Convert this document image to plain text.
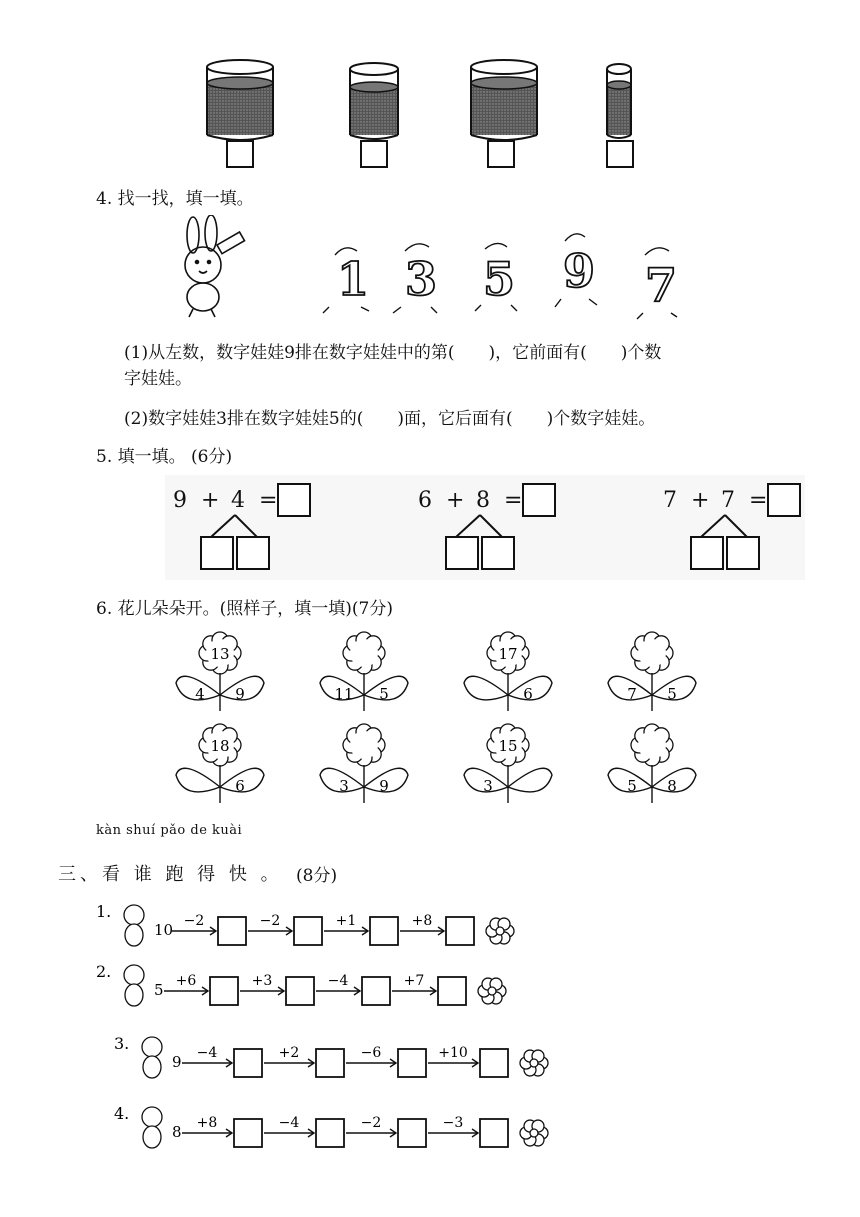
4. 找一找，填一填。
1 3 5 9 7
(1)从左数，数字娃娃9排在数字娃娃中的第(　　)，它前面有(　　)个数
字娃娃。
(2)数字娃娃3排在数字娃娃5的(　　)面，它后面有(　　)个数字娃娃。
5. 填一填。 (6分)
9 + 4 =	6 + 8 =	7 + 7 =
6. 花儿朵朵开。(照样子，填一填)(7分)
13
4 9	11 5
17
6	7 5
18
6	3 9
15
3	5 8
kàn shuí pǎo de kuài
三、看 谁 跑 得 快 。 (8分)
1.
10 −2	−2	+1	+8
2.
5 +6	+3	−4	+7
3.
9 −4	+2	−6	+10
4.
8 +8	−4	−2	−3
